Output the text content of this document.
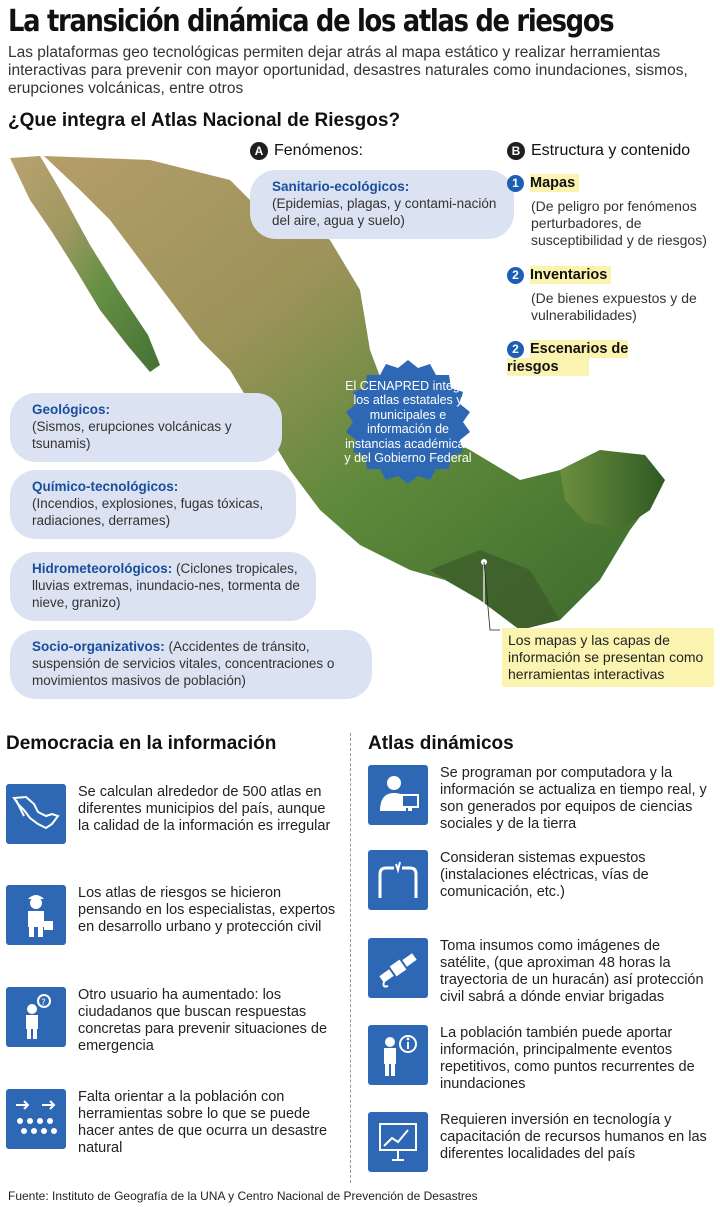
La transición dinámica de los atlas de riesgos
Las plataformas geo tecnológicas permiten dejar atrás al mapa estático y realizar herramientas interactivas para prevenir con mayor oportunidad, desastres naturales como inundaciones, sismos, erupciones volcánicas, entre otros
¿Que integra el Atlas Nacional de Riesgos?
A Fenómenos:	B Estructura y contenido
Sanitario-ecológicos:
(Epidemias, plagas, y contami-nación del aire, agua y suelo)
Geológicos:
(Sismos, erupciones volcánicas y tsunamis)
Químico-tecnológicos:
(Incendios, explosiones, fugas tóxicas, radiaciones, derrames)
Hidrometeorológicos: (Ciclones tropicales, lluvias extremas, inundacio-nes, tormenta de nieve, granizo)
Socio-organizativos: (Accidentes de tránsito, suspensión de servicios vitales, concentraciones o movimientos masivos de población)
1 Mapas
(De peligro por fenómenos perturbadores, de susceptibilidad y de riesgos)
2 Inventarios
(De bienes expuestos y de vulnerabilidades)
2 Escenarios de riesgos
El CENAPRED integra los atlas estatales y municipales e información de instancias académicas y del Gobierno Federal
Los mapas y las capas de información se presentan como herramientas interactivas
Democracia en la información	Atlas dinámicos
Se calculan alrededor de 500 atlas en diferentes municipios del país, aunque la calidad de la información es irregular
Los atlas de riesgos se hicieron pensando en los especialistas, expertos en desarrollo urbano y protección civil
? Otro usuario ha aumentado: los ciudadanos que buscan respuestas concretas para prevenir situaciones de emergencia
Falta orientar a la población con herramientas sobre lo que se puede hacer antes de que ocurra un desastre natural
Se programan por computadora y la información se actualiza en tiempo real, y son generados por equipos de ciencias sociales y de la tierra
Consideran sistemas expuestos (instalaciones eléctricas, vías de comunicación, etc.)
Toma insumos como imágenes de satélite, (que aproximan 48 horas la trayectoria de un huracán) así protección civil sabrá a dónde enviar brigadas
La población también puede aportar información, principalmente eventos repetitivos, como puntos recurrentes de inundaciones
Requieren inversión en tecnología y capacitación de recursos humanos en las diferentes localidades del país
Fuente: Instituto de Geografía de la UNA y Centro Nacional de Prevención de Desastres
